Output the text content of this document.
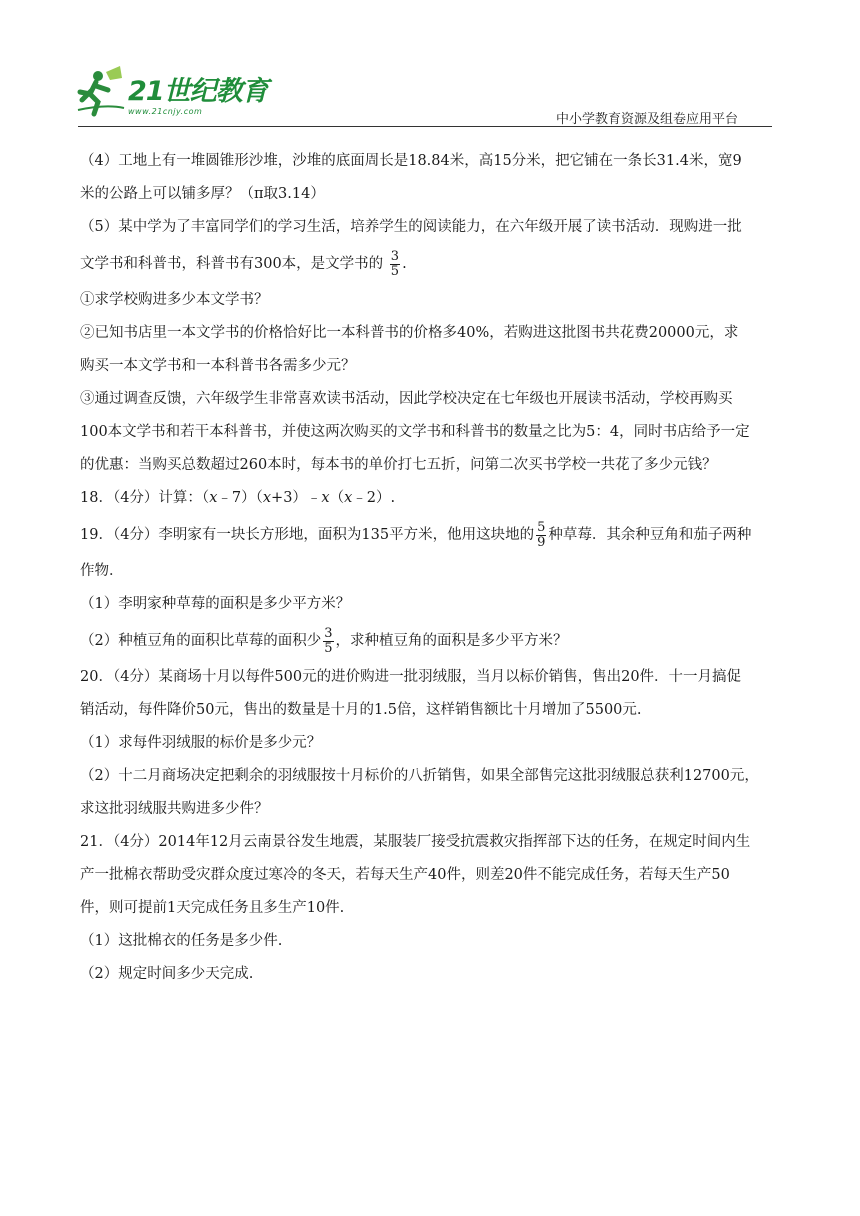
21世纪教育
www.21cnjy.com
中小学教育资源及组卷应用平台

（4）工地上有一堆圆锥形沙堆，沙堆的底面周长是18.84米，高15分米，把它铺在一条长31.4米，宽9

米的公路上可以铺多厚？（π取3.14）

（5）某中学为了丰富同学们的学习生活，培养学生的阅读能力，在六年级开展了读书活动．现购进一批

文学书和科普书，科普书有300本，是文学书的 $\frac{3}{5}$ .

①求学校购进多少本文学书？

②已知书店里一本文学书的价格恰好比一本科普书的价格多40%，若购进这批图书共花费20000元，求

购买一本文学书和一本科普书各需多少元？

③通过调查反馈，六年级学生非常喜欢读书活动，因此学校决定在七年级也开展读书活动，学校再购买

100本文学书和若干本科普书，并使这两次购买的文学书和科普书的数量之比为5：4，同时书店给予一定

的优惠：当购买总数超过260本时，每本书的单价打七五折，问第二次买书学校一共花了多少元钱？

18．（4分）计算：（x﹣7）（x+3）﹣x（x﹣2）.

19．（4分）李明家有一块长方形地，面积为135平方米，他用这块地的 $\frac{5}{9}$ 种草莓．其余种豆角和茄子两种

作物．

（1）李明家种草莓的面积是多少平方米？

（2）种植豆角的面积比草莓的面积少 $\frac{3}{5}$ ，求种植豆角的面积是多少平方米？

20．（4分）某商场十月以每件500元的进价购进一批羽绒服，当月以标价销售，售出20件．十一月搞促

销活动，每件降价50元，售出的数量是十月的1.5倍，这样销售额比十月增加了5500元.

（1）求每件羽绒服的标价是多少元？

（2）十二月商场决定把剩余的羽绒服按十月标价的八折销售，如果全部售完这批羽绒服总获利12700元，

求这批羽绒服共购进多少件？

21．（4分）2014年12月云南景谷发生地震，某服装厂接受抗震救灾指挥部下达的任务，在规定时间内生

产一批棉衣帮助受灾群众度过寒冷的冬天，若每天生产40件，则差20件不能完成任务，若每天生产50

件，则可提前1天完成任务且多生产10件.

（1）这批棉衣的任务是多少件.

（2）规定时间多少天完成.
